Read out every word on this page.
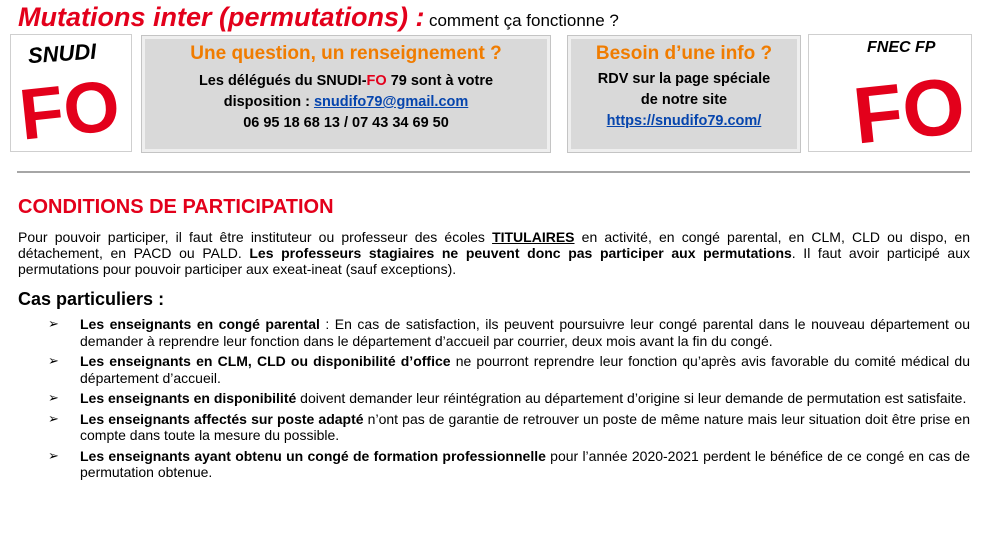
Mutations inter (permutations) : comment ça fonctionne ?
SNUDI
FO
Une question, un renseignement ?
Les délégués du SNUDI-FO 79 sont à votre
disposition : snudifo79@gmail.com
06 95 18 68 13 / 07 43 34 69 50
Besoin d’une info ?
RDV sur la page spéciale
de notre site
https://snudifo79.com/
FNEC FP
FO
CONDITIONS DE PARTICIPATION
Pour pouvoir participer, il faut être instituteur ou professeur des écoles TITULAIRES en activité, en congé parental, en CLM, CLD ou dispo, en détachement, en PACD ou PALD. Les professeurs stagiaires ne peuvent donc pas participer aux permutations. Il faut avoir participé aux permutations pour pouvoir participer aux exeat-ineat (sauf exceptions).
Cas particuliers :
➢ Les enseignants en congé parental : En cas de satisfaction, ils peuvent poursuivre leur congé parental dans le nouveau département ou demander à reprendre leur fonction dans le département d’accueil par courrier, deux mois avant la fin du congé.
➢ Les enseignants en CLM, CLD ou disponibilité d’office ne pourront reprendre leur fonction qu’après avis favorable du comité médical du département d’accueil.
➢ Les enseignants en disponibilité doivent demander leur réintégration au département d’origine si leur demande de permutation est satisfaite.
➢ Les enseignants affectés sur poste adapté n’ont pas de garantie de retrouver un poste de même nature mais leur situation doit être prise en compte dans toute la mesure du possible.
➢ Les enseignants ayant obtenu un congé de formation professionnelle pour l’année 2020-2021 perdent le bénéfice de ce congé en cas de permutation obtenue.
